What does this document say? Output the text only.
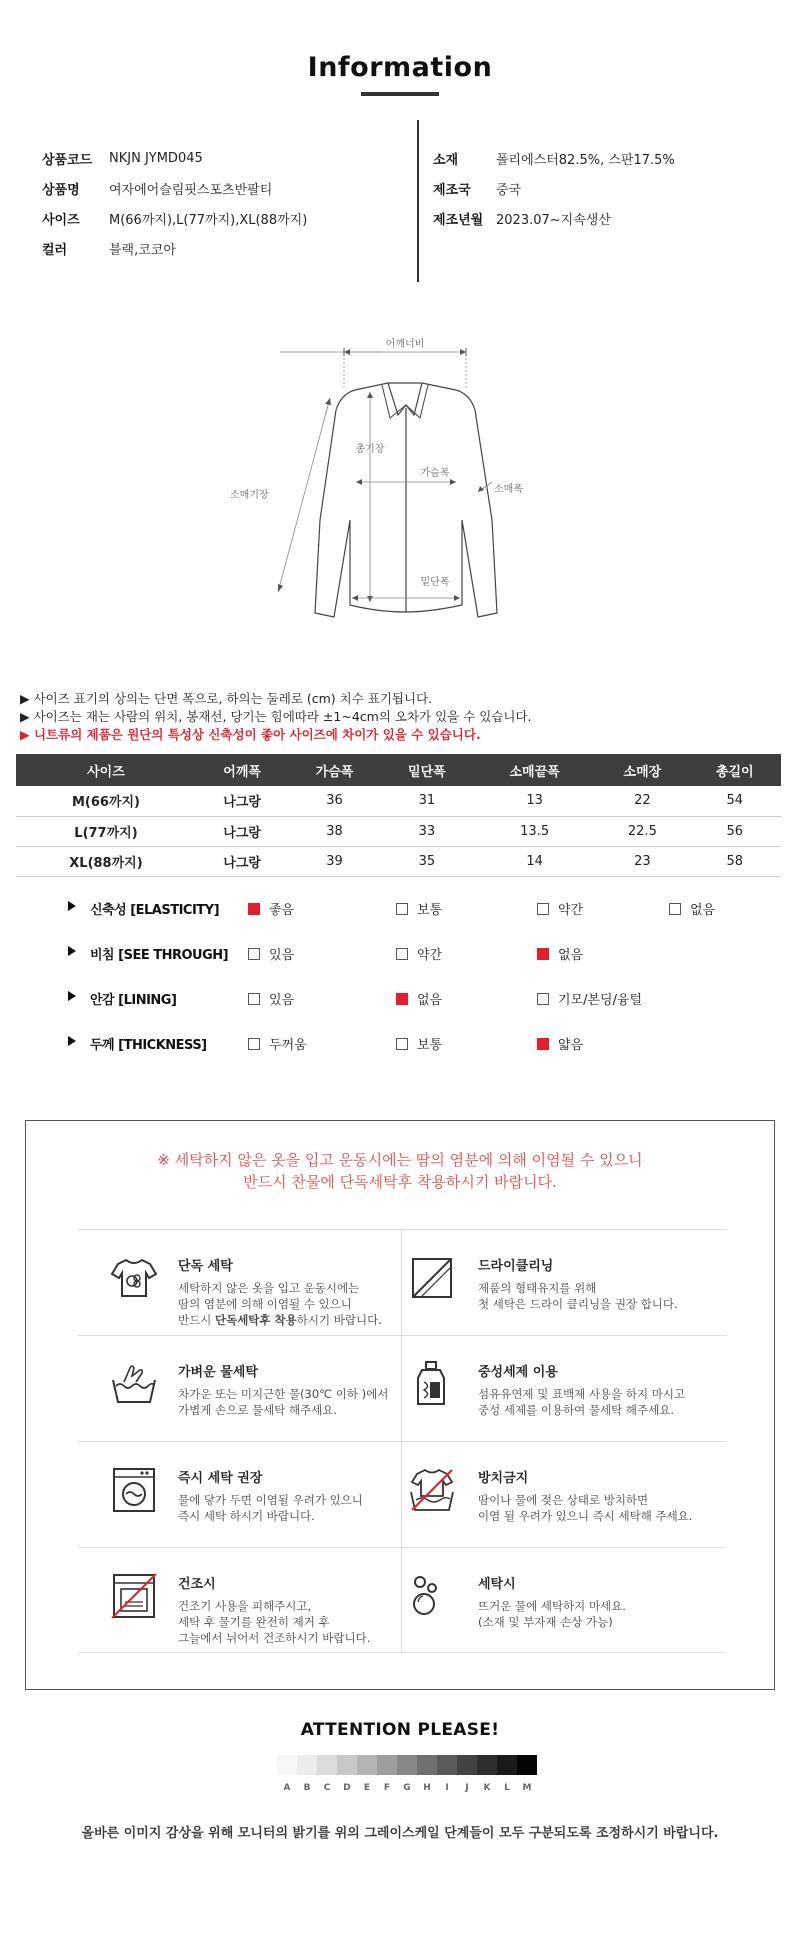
Information
상품코드	NKJN JYMD045
상품명	여자에어슬림핏스포츠반팔티
사이즈	M(66까지),L(77까지),XL(88까지)
컬러	블랙,코코아
소재	폴리에스터82.5%, 스판17.5%
제조국	중국
제조년월 2023.07~지속생산
어깨너비
총기장
가슴폭
소매폭
소매기장
밑단폭
▶ 사이즈 표기의 상의는 단면 폭으로, 하의는 둘레로 (cm) 치수 표기됩니다.
▶ 사이즈는 재는 사람의 위치, 봉재선, 당기는 힘에따라 ±1~4cm의 오차가 있을 수 있습니다.
▶ 니트류의 제품은 원단의 특성상 신축성이 좋아 사이즈에 차이가 있을 수 있습니다.
사이즈	어깨폭	가슴폭	밑단폭	소매끝폭	소매장	총길이
M(66까지)	나그랑	36	31	13	22	54
L(77까지)	나그랑	38	33	13.5	22.5	56
XL(88까지)	나그랑	39	35	14	23	58
신축성 [ELASTICITY]	좋음	보통	약간	없음
비침 [SEE THROUGH]	있음	약간	없음
안감 [LINING]	있음	없음	기모/본딩/융털
두께 [THICKNESS]	두꺼움	보통	얇음
※ 세탁하지 않은 옷을 입고 운동시에는 땀의 염분에 의해 이염될 수 있으니
반드시 찬물에 단독세탁후 착용하시기 바랍니다.
단독 세탁
세탁하지 않은 옷을 입고 운동시에는
땀의 염분에 의해 이염될 수 있으니
반드시 단독세탁후 착용하시기 바랍니다.
드라이클리닝
제품의 형태유지를 위해
첫 세탁은 드라이 클리닝을 권장 합니다.
가벼운 물세탁
차가운 또는 미지근한 물(30℃ 이하 )에서
가볍게 손으로 물세탁 해주세요.
중성세제 이용
섬유유연제 및 표백제 사용을 하지 마시고
중성 세제를 이용하여 물세탁 해주세요.
즉시 세탁 권장
물에 닿가 두면 이염될 우려가 있으니
즉시 세탁 하시기 바랍니다.
방치금지
땀이나 물에 젖은 상태로 방치하면
이염 될 우려가 있으니 즉시 세탁해 주세요.
건조시
건조기 사용을 피해주시고,
세탁 후 물기를 완전히 제거 후
그늘에서 뉘어서 건조하시기 바랍니다.
세탁시
뜨거운 물에 세탁하지 마세요.
(소재 및 부자재 손상 가능)
ATTENTION PLEASE!
A	B	C	D	E	F	G	H	I	J	K	L	M
올바른 이미지 감상을 위해 모니터의 밝기를 위의 그레이스케일 단계들이 모두 구분되도록 조정하시기 바랍니다.
